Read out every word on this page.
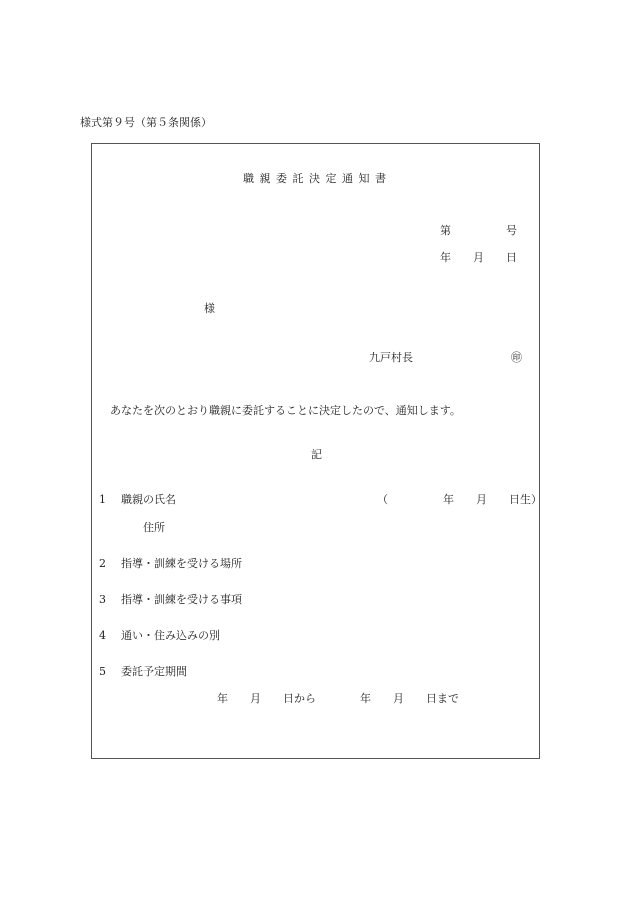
様式第９号（第５条関係）
職 親 委 託 決 定 通 知 書
第　　　　　号
年　　月　　日
様
九戸村長	㊞
あなたを次のとおり職親に委託することに決定したので、通知します。
記
1 職親の氏名	（　　　　　年　　月　　日生）
住所
2 指導・訓練を受ける場所
3 指導・訓練を受ける事項
4 通い・住み込みの別
5 委託予定期間
年　　月　　日から　　　　年　　月　　日まで
